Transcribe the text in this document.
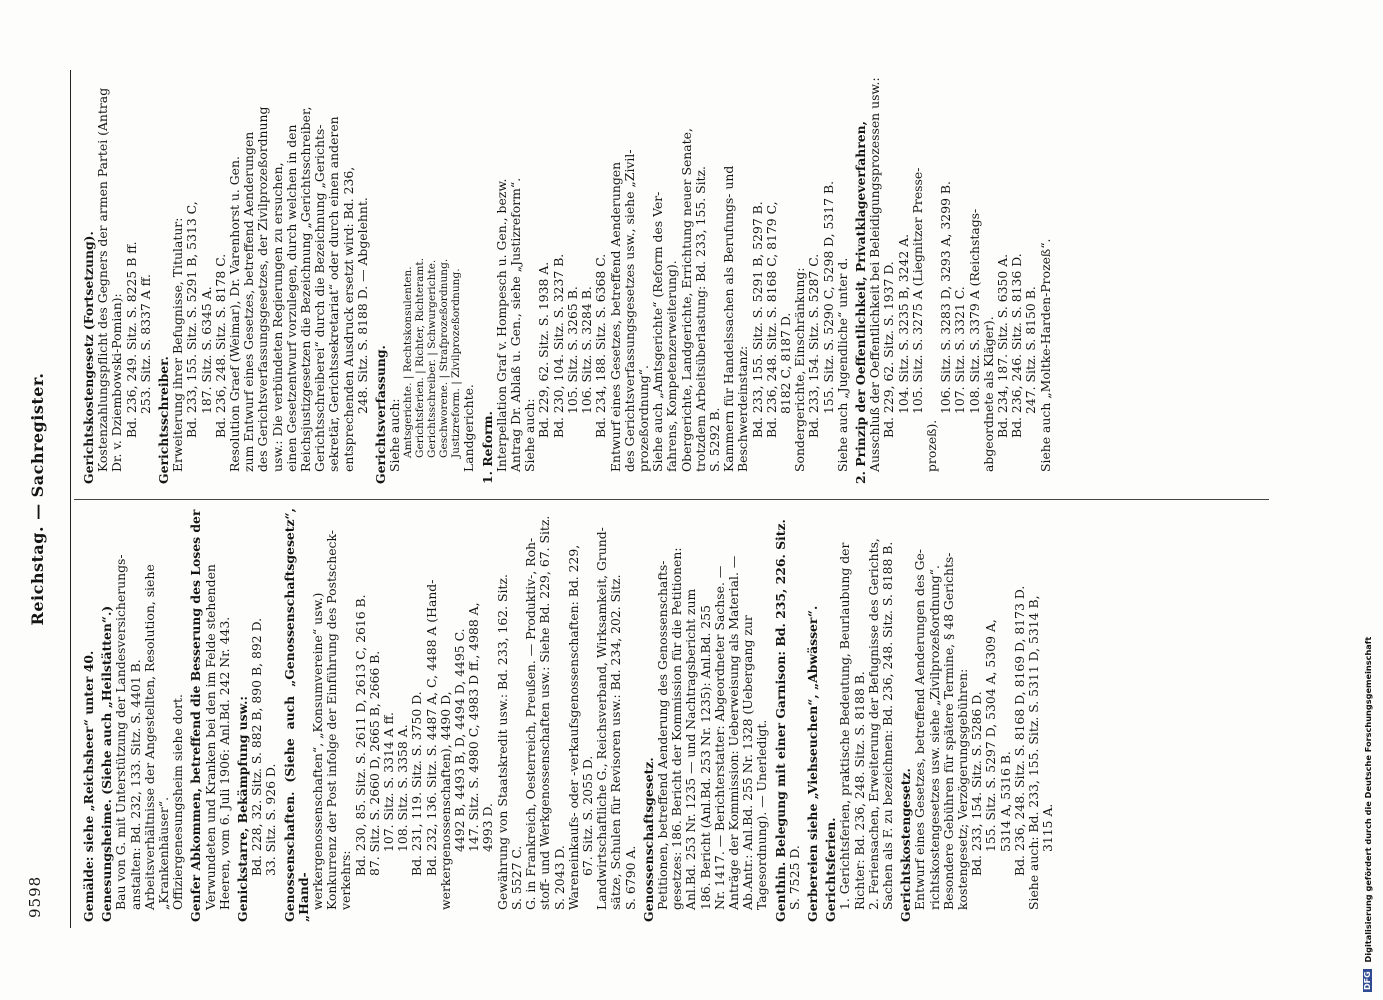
9598
Reichstag. — Sachregister.
Gemälde: siehe „Reichsheer“ unter 40. Genesungsheime. (Siehe auch „Heilstätten“.) Bau von G. mit Unterstützung der Landesversicherungs- anstalten: Bd. 232, 133. Sitz. S. 4401 B. Arbeitsverhältnisse der Angestellten, Resolution, siehe „Krankenhäuser“. Offiziergenesungsheim siehe dort. Genfer Abkommen, betreffend die Besserung des Loses der Verwundeten und Kranken bei den im Felde stehenden Heeren, vom 6. Juli 1906: Anl.Bd. 242 Nr. 443. Genickstarre, Bekämpfung usw.: Bd. 228, 32. Sitz. S. 882 B, 890 B, 892 D. 33. Sitz. S. 926 D. Genossenschaften. (Siehe auch „Genossenschaftsgesetz“, „Hand- werkergenossenschaften“, „Konsumvereine“ usw.) Konkurrenz der Post infolge der Einführung des Postscheck- verkehrs:
Bd. 230, 85. Sitz. S. 2611 D, 2613 C, 2616 B. 87. Sitz. S. 2660 D, 2665 B, 2666 B. 107. Sitz. S. 3314 A ff. 108. Sitz. S. 3358 A. Bd. 231, 119. Sitz. S. 3750 D. Bd. 232, 136. Sitz. S. 4487 A, C, 4488 A (Hand- werkergenossenschaften), 4490 D, 4492 B, 4493 B, D, 4494 D, 4495 C. 147. Sitz. S. 4980 C, 4983 D ff., 4988 A, 4993 D. Gewährung von Staatskredit usw.: Bd. 233, 162. Sitz. S. 5527 C. G. in Frankreich, Oesterreich, Preußen. — Produktiv-, Roh- stoff- und Werkgenossenschaften usw.: Siehe Bd. 229, 67. Sitz. S. 2043 D. Wareneinkaufs- oder -verkaufsgenossenschaften: Bd. 229, 67. Sitz. S. 2055 D. Landwirtschaftliche G., Reichsverband, Wirksamkeit, Grund- sätze, Schulen für Revisoren usw.: Bd. 234, 202. Sitz. S. 6790 A. Genossenschaftsgesetz. Petitionen, betreffend Aenderung des Genossenschafts- gesetzes: 186. Bericht der Kommission für die Petitionen: Anl.Bd. 253 Nr. 1235 — und Nachtragsbericht zum 186. Bericht (Anl.Bd. 253 Nr. 1235): Anl.Bd. 255 Nr. 1417. — Berichterstatter: Abgeordneter Sachse. — Anträge der Kommission: Ueberweisung als Material. — Ab.Antr.: Anl.Bd. 255 Nr. 1328 (Uebergang zur Tagesordnung). — Unerledigt. Genthin. Belegung mit einer Garnison: Bd. 235, 226. Sitz. S. 7525 D. Gerbereien siehe „Viehseuchen“, „Abwässer“. Gerichtsferien. 1. Gerichtsferien, praktische Bedeutung, Beurlaubung der Richter: Bd. 236, 248. Sitz. S. 8188 B. 2. Feriensachen, Erweiterung der Befugnisse des Gerichts, Sachen als F. zu bezeichnen: Bd. 236, 248. Sitz. S. 8188 B. Gerichtskostengesetz. Entwurf eines Gesetzes, betreffend Aenderungen des Ge- richtskostengesetzes usw. siehe „Zivilprozeßordnung“. Besondere Gebühren für spätere Termine, § 48 Gerichts- kostengesetz; Verzögerungsgebühren: Bd. 233, 154. Sitz. S. 5286 D. 155. Sitz. S. 5297 D, 5304 A, 5309 A, 5314 A, 5316 B. Bd. 236, 248. Sitz. S. 8168 D, 8169 D, 8173 D. Siehe auch: Bd. 233, 155. Sitz. S. 5311 D, 5314 B, 3115 A.
Gerichtskostengesetz (Fortsetzung). Kostenzahlungspflicht des Gegners der armen Partei (Antrag Dr. v. Dziembowski-Pomian): Bd. 236, 249. Sitz. S. 8225 B ff. 253. Sitz. S. 8337 A ff.
Gerichtsschreiber. Erweiterung ihrer Befugnisse, Titulatur: Bd. 233, 155. Sitz. S. 5291 B, 5313 C, 187. Sitz. S. 6345 A. Bd. 236, 248. Sitz. S. 8178 C. Resolution Graef (Weimar), Dr. Varenhorst u. Gen. zum Entwurf eines Gesetzes, betreffend Aenderungen des Gerichtsverfassungsgesetzes, der Zivilprozeßordnung usw.: Die verbündeten Regierungen zu ersuchen, einen Gesetzentwurf vorzulegen, durch welchen in den Reichsjustizgesetzen die Bezeichnung „Gerichtsschreiber, Gerichtsschreiberei“ durch die Bezeichnung „Gerichts- sekretär, Gerichtssekretariat“ oder durch einen anderen entsprechenden Ausdruck ersetzt wird: Bd. 236, 248. Sitz. S. 8188 D. — Abgelehnt.
Gerichtsverfassung. Siehe auch: Amtsgerichte. | Rechtskonsulenten. Gerichtsferien. | Richter, Richteramt. Gerichtsschreiber. | Schwurgerichte. Geschworene. | Strafprozeßordnung. Justizreform. | Zivilprozeßordnung. Landgerichte. 1. Reform. Interpellation Graf v. Hompesch u. Gen., bezw. Antrag Dr. Ablaß u. Gen., siehe „Justizreform“. Siehe auch: Bd. 229, 62. Sitz. S. 1938 A. Bd. 230, 104. Sitz. S. 3237 B. 105. Sitz. S. 3265 B. 106. Sitz. S. 3284 B. Bd. 234, 188. Sitz. S. 6368 C. Entwurf eines Gesetzes, betreffend Aenderungen des Gerichtsverfassungsgesetzes usw., siehe „Zivil- prozeßordnung“. Siehe auch „Amtsgerichte“ (Reform des Ver- fahrens, Kompetenzerweiterung). Obergerichte, Landgerichte, Errichtung neuer Senate, trotzdem Arbeitsüberlastung: Bd. 233, 155. Sitz. S. 5292 B. Kammern für Handelssachen als Berufungs- und Beschwerdeinstanz: Bd. 233, 155. Sitz. S. 5291 B, 5297 B. Bd. 236, 248. Sitz. S. 8168 C, 8179 C, 8182 C, 8187 D. Sondergerichte, Einschränkung: Bd. 233, 154. Sitz. S. 5287 C. 155. Sitz. S. 5290 C, 5298 D, 5317 B. Siehe auch „Jugendliche“ unter d. 2. Prinzip der Oeffentlichkeit, Privatklageverfahren, Ausschluß der Oeffentlichkeit bei Beleidigungsprozessen usw.: Bd. 229, 62. Sitz. S. 1937 D. 104. Sitz. S. 3235 B, 3242 A. 105. Sitz. S. 3275 A (Liegnitzer Presse-
prozeß).
106. Sitz. S. 3283 D, 3293 A, 3299 B. 107. Sitz. S. 3321 C. 108. Sitz. S. 3379 A (Reichstags- abgeordnete als Kläger). Bd. 234, 187. Sitz. S. 6350 A. Bd. 236, 246. Sitz. S. 8136 D. 247. Sitz. S. 8150 B. Siehe auch „Moltke-Harden-Prozeß“.
DFG Digitalisierung gefördert durch die Deutsche Forschungsgemeinschaft
